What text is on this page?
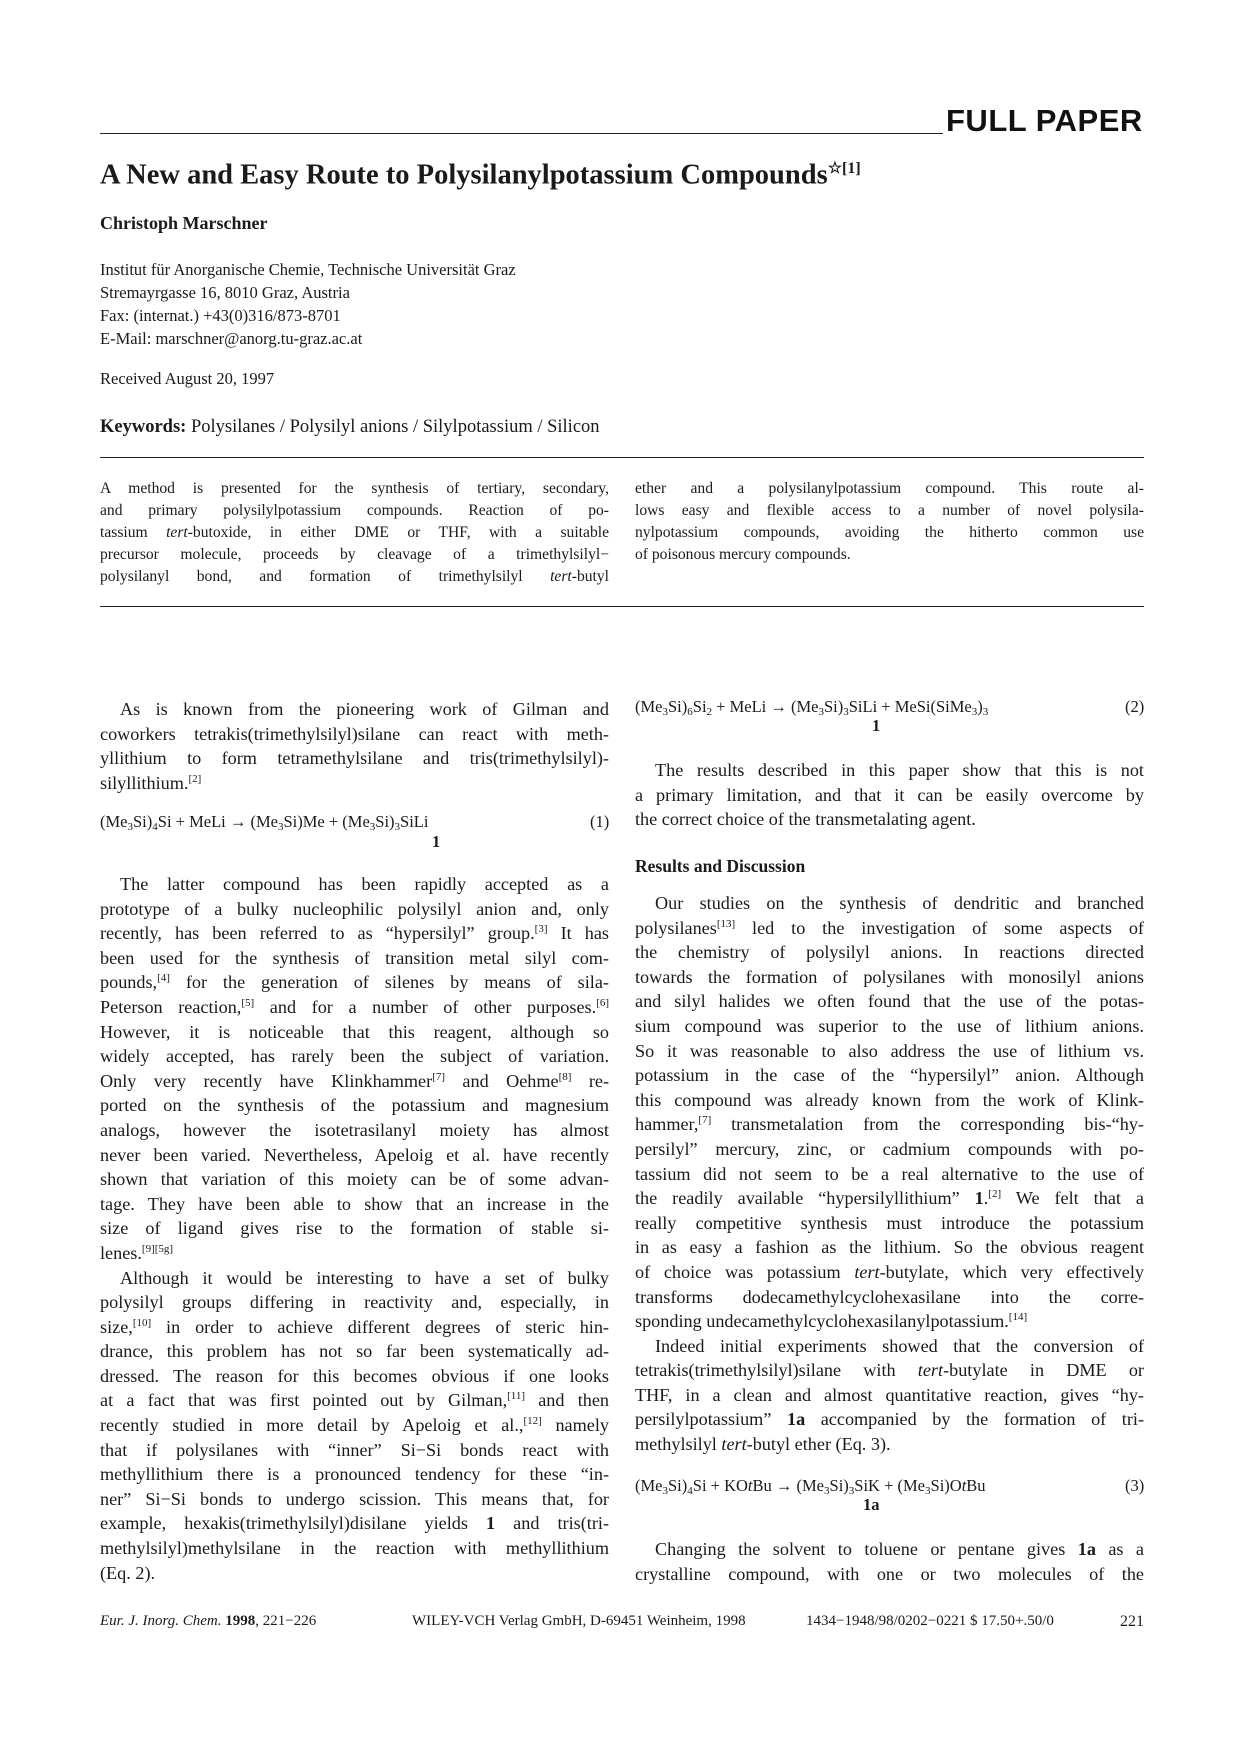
FULL PAPER
A New and Easy Route to Polysilanylpotassium Compounds$^{☆[1]}$
Christoph Marschner
Institut für Anorganische Chemie, Technische Universität Graz
Stremayrgasse 16, 8010 Graz, Austria
Fax: (internat.) +43(0)316/873-8701
E-Mail: marschner@anorg.tu-graz.ac.at
Received August 20, 1997
Keywords: Polysilanes / Polysilyl anions / Silylpotassium / Silicon
A method is presented for the synthesis of tertiary, secondary,
and primary polysilylpotassium compounds. Reaction of po-
tassium tert-butoxide, in either DME or THF, with a suitable
precursor molecule, proceeds by cleavage of a trimethylsilyl−
polysilanyl bond, and formation of trimethylsilyl tert-butyl
ether and a polysilanylpotassium compound. This route al-
lows easy and flexible access to a number of novel polysila-
nylpotassium compounds, avoiding the hitherto common use
of poisonous mercury compounds.
As is known from the pioneering work of Gilman and
coworkers tetrakis(trimethylsilyl)silane can react with meth-
yllithium to form tetramethylsilane and tris(trimethylsilyl)-
silyllithium.[2]
$(Me_3Si)_4Si$ + MeLi → $(Me_3Si)Me$ + $(Me_3Si)_3SiLi$
1
(1)
The latter compound has been rapidly accepted as a
prototype of a bulky nucleophilic polysilyl anion and, only
recently, has been referred to as “hypersilyl” group.[3] It has
been used for the synthesis of transition metal silyl com-
pounds,[4] for the generation of silenes by means of sila-
Peterson reaction,[5] and for a number of other purposes.[6]
However, it is noticeable that this reagent, although so
widely accepted, has rarely been the subject of variation.
Only very recently have Klinkhammer[7] and Oehme[8] re-
ported on the synthesis of the potassium and magnesium
analogs, however the isotetrasilanyl moiety has almost
never been varied. Nevertheless, Apeloig et al. have recently
shown that variation of this moiety can be of some advan-
tage. They have been able to show that an increase in the
size of ligand gives rise to the formation of stable si-
lenes.[9][5g]
Although it would be interesting to have a set of bulky
polysilyl groups differing in reactivity and, especially, in
size,[10] in order to achieve different degrees of steric hin-
drance, this problem has not so far been systematically ad-
dressed. The reason for this becomes obvious if one looks
at a fact that was first pointed out by Gilman,[11] and then
recently studied in more detail by Apeloig et al.,[12] namely
that if polysilanes with “inner” Si−Si bonds react with
methyllithium there is a pronounced tendency for these “in-
ner” Si−Si bonds to undergo scission. This means that, for
example, hexakis(trimethylsilyl)disilane yields 1 and tris(tri-
methylsilyl)methylsilane in the reaction with methyllithium
(Eq. 2).
$(Me_3Si)_6Si_2$ + MeLi → $(Me_3Si)_3SiLi$ + $MeSi(SiMe_3)_3$
1
(2)
The results described in this paper show that this is not
a primary limitation, and that it can be easily overcome by
the correct choice of the transmetalating agent.
Results and Discussion
Our studies on the synthesis of dendritic and branched
polysilanes[13] led to the investigation of some aspects of
the chemistry of polysilyl anions. In reactions directed
towards the formation of polysilanes with monosilyl anions
and silyl halides we often found that the use of the potas-
sium compound was superior to the use of lithium anions.
So it was reasonable to also address the use of lithium vs.
potassium in the case of the “hypersilyl” anion. Although
this compound was already known from the work of Klink-
hammer,[7] transmetalation from the corresponding bis-“hy-
persilyl” mercury, zinc, or cadmium compounds with po-
tassium did not seem to be a real alternative to the use of
the readily available “hypersilyllithium” 1.[2] We felt that a
really competitive synthesis must introduce the potassium
in as easy a fashion as the lithium. So the obvious reagent
of choice was potassium tert-butylate, which very effectively
transforms dodecamethylcyclohexasilane into the corre-
sponding undecamethylcyclohexasilanylpotassium.[14]
Indeed initial experiments showed that the conversion of
tetrakis(trimethylsilyl)silane with tert-butylate in DME or
THF, in a clean and almost quantitative reaction, gives “hy-
persilylpotassium” 1a accompanied by the formation of tri-
methylsilyl tert-butyl ether (Eq. 3).
$(Me_3Si)_4Si$ + KOtBu → $(Me_3Si)_3SiK$ + $(Me_3Si)OtBu$
1a
(3)
Changing the solvent to toluene or pentane gives 1a as a
crystalline compound, with one or two molecules of the
Eur. J. Inorg. Chem. 1998, 221−226	WILEY-VCH Verlag GmbH, D-69451 Weinheim, 1998	1434−1948/98/0202−0221 $ 17.50+.50/0	221
